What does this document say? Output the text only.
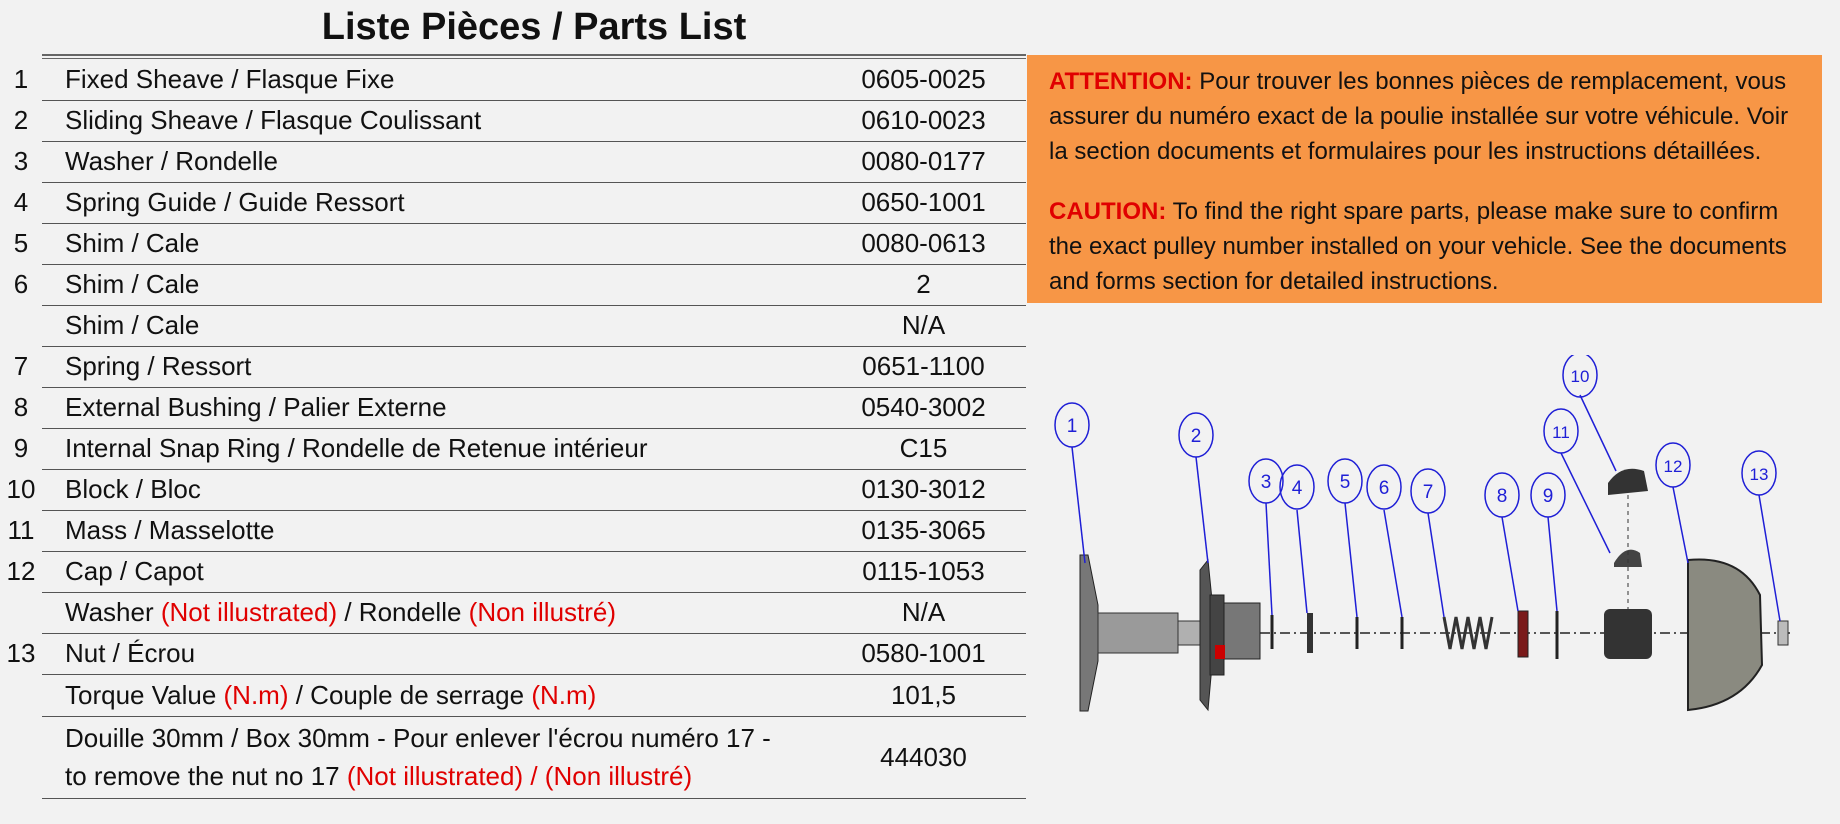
Liste Pièces / Parts List
1	Fixed Sheave / Flasque Fixe	0605-0025
2	Sliding Sheave / Flasque Coulissant	0610-0023
3	Washer / Rondelle	0080-0177
4	Spring Guide / Guide Ressort	0650-1001
5	Shim / Cale	0080-0613
6	Shim / Cale	2
	Shim / Cale	N/A
7	Spring / Ressort	0651-1100
8	External Bushing / Palier Externe	0540-3002
9	Internal Snap Ring / Rondelle de Retenue intérieur	C15
10	Block / Bloc	0130-3012
11	Mass / Masselotte	0135-3065
12	Cap / Capot	0115-1053
	Washer (Not illustrated) / Rondelle (Non illustré)	N/A
13	Nut / Écrou	0580-1001
	Torque Value (N.m) / Couple de serrage (N.m)	101,5
	Douille 30mm / Box 30mm - Pour enlever l'écrou numéro 17 -
to remove the nut no 17 (Not illustrated) / (Non illustré)	444030

ATTENTION: Pour trouver les bonnes pièces de remplacement, vous assurer du numéro exact de la poulie installée sur votre véhicule. Voir la section documents et formulaires pour les instructions détaillées.

CAUTION: To find the right spare parts, please make sure to confirm the exact pulley number installed on your vehicle. See the documents and forms section for detailed instructions.

1	2
3 4 5 6 7	8 9
10
11
12	13
